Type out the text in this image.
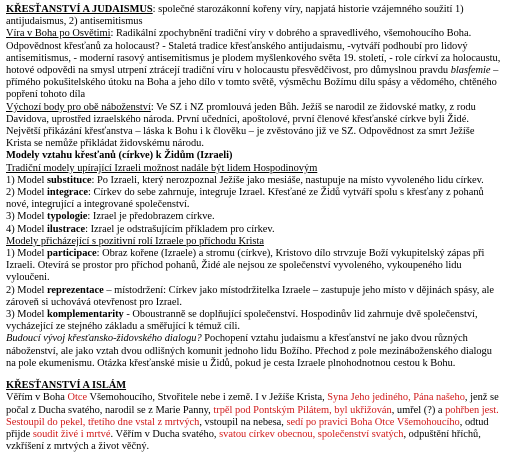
KŘESŤANSTVÍ A JUDAISMUS: společné starozákonní kořeny víry, napjatá historie vzájemného soužití 1) antijudaismus, 2) antisemitismus

Víra v Boha po Osvětimi: Radikální zpochybnění tradiční víry v dobrého a spravedlivého, všemohoucího Boha. Odpovědnost křesťanů za holocaust? - Staletá tradice křesťanského antijudaismu, -vytváří podhoubí pro lidový antisemitismus, - moderní rasový antisemitismus je plodem myšlenkového světa 19. století, - role církví za holocaustu, hotové odpovědi na smysl utrpení ztrácejí tradiční víru v holocaustu přesvědčivost, pro důmyslnou pravdu blasfemie – přímého pokušitelského útoku na Boha a jeho dílo v tomto světě, výsměchu Božímu dílu spásy a vědomého, chtěného popření tohoto díla

Výchozí body pro obě náboženství: Ve SZ i NZ promlouvá jeden Bůh. Ježíš se narodil ze židovské matky, z rodu Davidova, uprostřed izraelského národa. První učedníci, apoštolové, první členové křesťanské církve byli Židé. Největší přikázání křesťanstva – láska k Bohu i k člověku – je zvěstováno již ve SZ. Odpovědnost za smrt Ježíše Krista se nemůže přikládat židovskému národu.

Modely vztahu křesťanů (církve) k Židům (Izraeli)

Tradiční modely upírající Izraeli možnost nadále být lidem Hospodinovým

1) Model substituce: Po Izraeli, který nerozpoznal Ježíše jako mesiáše, nastupuje na místo vyvoleného lidu církev.

2) Model integrace: Církev do sebe zahrnuje, integruje Izrael. Křesťané ze Židů vytváří spolu s křesťany z pohanů nové, integrující a integrované společenství.

3) Model typologie: Izrael je předobrazem církve.

4) Model ilustrace: Izrael je odstrašujícím příkladem pro církev.

Modely přicházející s pozitivní rolí Izraele po příchodu Krista

1) Model participace: Obraz kořene (Izraele) a stromu (církve), Kristovo dílo strvzuje Boží vykupitelský zápas při Izraeli. Otevírá se prostor pro příchod pohanů, Židé ale nejsou ze společenství vyvoleného, vykoupeného lidu vyloučeni.

2) Model reprezentace – místodržení: Církev jako místodržitelka Izraele – zastupuje jeho místo v dějinách spásy, ale zároveň si uchovává otevřenost pro Izrael.

3) Model komplementarity - Oboustranně se doplňující společenství. Hospodinův lid zahrnuje dvě společenství, vycházející ze stejného základu a směřující k témuž cíli.

Budoucí vývoj křesťansko-židovského dialogu? Pochopení vztahu judaismu a křesťanství ne jako dvou různých náboženství, ale jako vztah dvou odlišných komunit jednoho lidu Božího. Přechod z pole mezináboženského dialogu na pole ekumenismu. Otázka křesťanské misie u Židů, pokud je cesta Izraele plnohodnotnou cestou k Bohu.

KŘESŤANSTVÍ A ISLÁM

Věřím v Boha Otce Všemohoucího, Stvořitele nebe i země. I v Ježíše Krista, Syna Jeho jediného, Pána našeho, jenž se počal z Ducha svatého, narodil se z Marie Panny, trpěl pod Pontským Pilátem, byl ukřižován, umřel (?) a pohřben jest. Sestoupil do pekel, třetího dne vstal z mrtvých, vstoupil na nebesa, sedí po pravici Boha Otce Všemohoucího, odtud přijde soudit živé i mrtvé. Věřím v Ducha svatého, svatou církev obecnou, společenství svatých, odpuštění hříchů, vzkříšení z mrtvých a život věčný.
